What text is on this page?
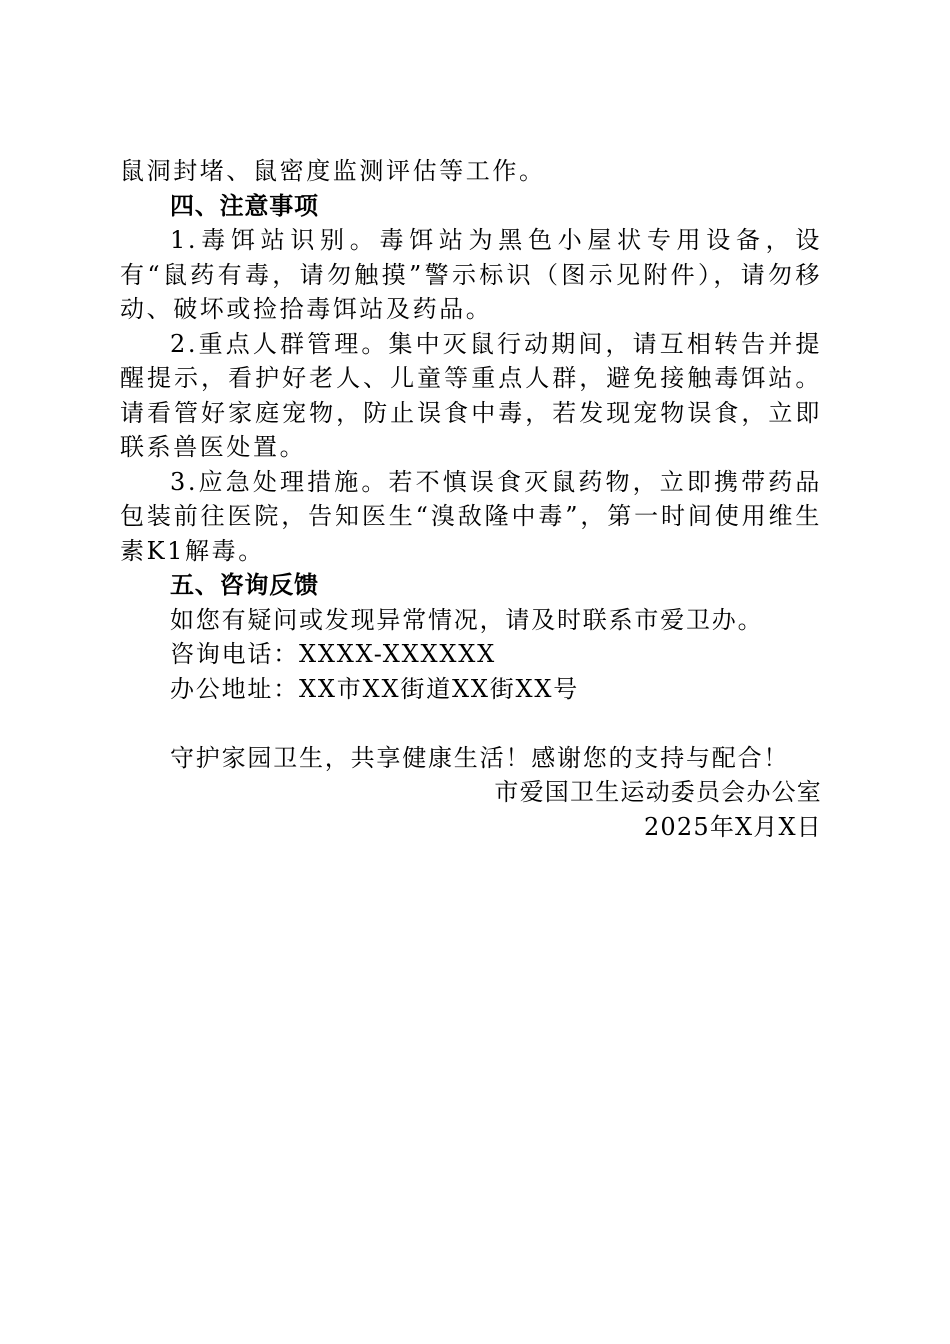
鼠洞封堵、鼠密度监测评估等工作。

四、注意事项

1.毒饵站识别。毒饵站为黑色小屋状专用设备，设有“鼠药有毒，请勿触摸”警示标识（图示见附件），请勿移动、破坏或捡拾毒饵站及药品。

2.重点人群管理。集中灭鼠行动期间，请互相转告并提醒提示，看护好老人、儿童等重点人群，避免接触毒饵站。请看管好家庭宠物，防止误食中毒，若发现宠物误食，立即联系兽医处置。

3.应急处理措施。若不慎误食灭鼠药物，立即携带药品包装前往医院，告知医生“溴敌隆中毒”，第一时间使用维生素K1解毒。

五、咨询反馈

如您有疑问或发现异常情况，请及时联系市爱卫办。

咨询电话：XXXX-XXXXXX

办公地址：XX市XX街道XX街XX号

守护家园卫生，共享健康生活！感谢您的支持与配合！

市爱国卫生运动委员会办公室

2025年X月X日
